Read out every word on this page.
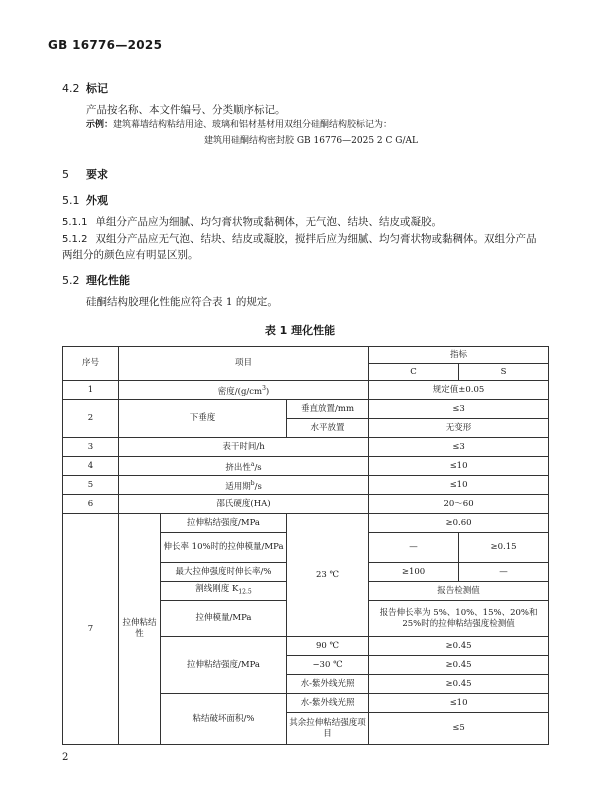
GB 16776—2025
4.2 标记
产品按名称、本文件编号、分类顺序标记。
示例：建筑幕墙结构粘结用途、玻璃和铝材基材用双组分硅酮结构胶标记为：
建筑用硅酮结构密封胶 GB 16776—2025 2 C G/AL
5 要求
5.1 外观
5.1.1 单组分产品应为细腻、均匀膏状物或黏稠体，无气泡、结块、结皮或凝胶。
5.1.2 双组分产品应无气泡、结块、结皮或凝胶，搅拌后应为细腻、均匀膏状物或黏稠体。双组分产品
两组分的颜色应有明显区别。
5.2 理化性能
硅酮结构胶理化性能应符合表 1 的规定。
表 1 理化性能
序号	项目			指标	
				C	S
1	密度$/(g/cm^3)$			规定值±0.05	
2	下垂度		垂直放置/mm	≤3	
			水平放置	无变形	
3	表干时间/h			≤3	
4	挤出性$^a$/s			≤10	
5	适用期$^b$/s			≤10	
6	邵氏硬度(HA)			20～60	
7	拉伸粘结性	拉伸粘结强度/MPa	23 ℃	≥0.60	
		伸长率 10%时的拉伸模量/MPa		—	≥0.15
		最大拉伸强度时伸长率/%		≥100	—
		割线刚度 $K_{12.5}$		报告检测值	
		拉伸模量/MPa		报告伸长率为 5%、10%、15%、20%和 25%时的拉伸粘结强度检测值	
		拉伸粘结强度/MPa	90 ℃	≥0.45	
			−30 ℃	≥0.45	
			水-紫外线光照	≥0.45	
		粘结破坏面积/%	水-紫外线光照	≤10	
			其余拉伸粘结强度项目	≤5	

2
